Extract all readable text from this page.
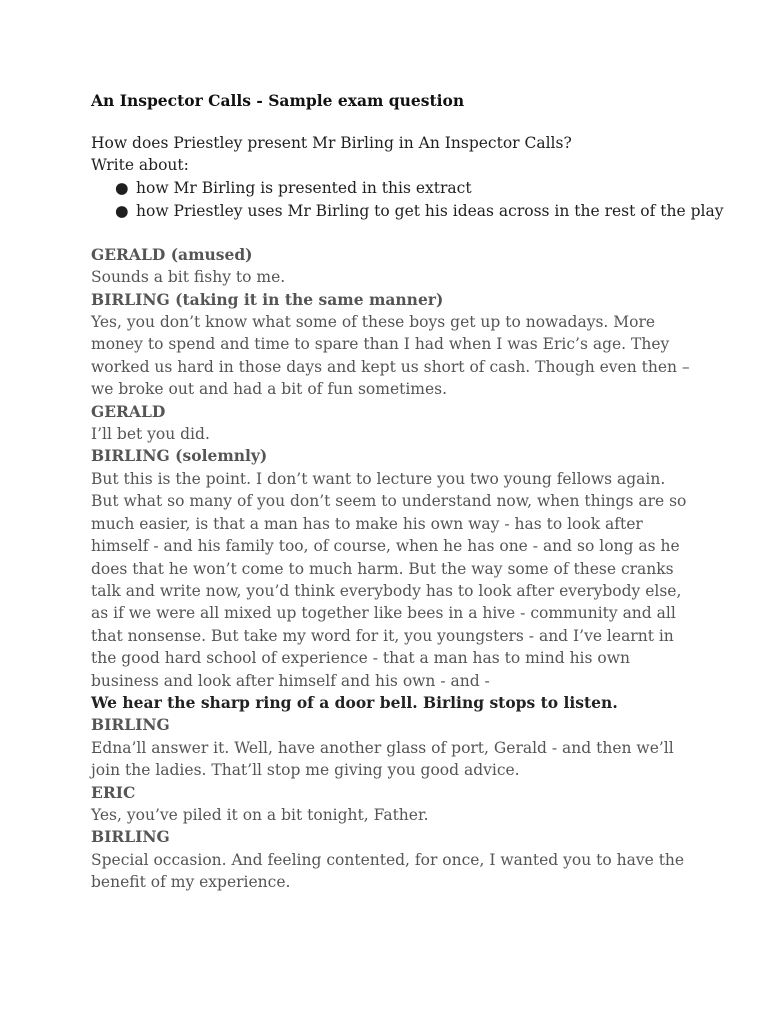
An Inspector Calls - Sample exam question

How does Priestley present Mr Birling in An Inspector Calls?
Write about:
● how Mr Birling is presented in this extract
● how Priestley uses Mr Birling to get his ideas across in the rest of the play
GERALD (amused)
Sounds a bit fishy to me.
BIRLING (taking it in the same manner)
Yes, you don’t know what some of these boys get up to nowadays. More money to spend and time to spare than I had when I was Eric’s age. They worked us hard in those days and kept us short of cash. Though even then – we broke out and had a bit of fun sometimes.
GERALD
I’ll bet you did.
BIRLING (solemnly)
But this is the point. I don’t want to lecture you two young fellows again. But what so many of you don’t seem to understand now, when things are so much easier, is that a man has to make his own way - has to look after himself - and his family too, of course, when he has one - and so long as he does that he won’t come to much harm. But the way some of these cranks talk and write now, you’d think everybody has to look after everybody else, as if we were all mixed up together like bees in a hive - community and all that nonsense. But take my word for it, you youngsters - and I’ve learnt in the good hard school of experience - that a man has to mind his own business and look after himself and his own - and -
We hear the sharp ring of a door bell. Birling stops to listen.
BIRLING
Edna’ll answer it. Well, have another glass of port, Gerald - and then we’ll join the ladies. That’ll stop me giving you good advice.
ERIC
Yes, you’ve piled it on a bit tonight, Father.
BIRLING
Special occasion. And feeling contented, for once, I wanted you to have the benefit of my experience.
